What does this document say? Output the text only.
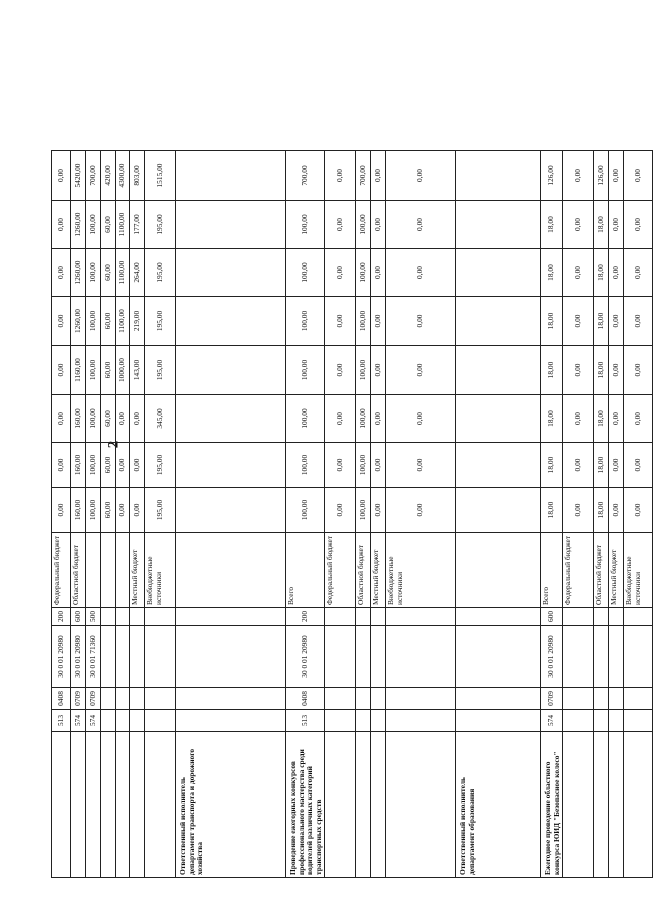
2
	513	0408	30 0 01 20980	200	Федеральный бюджет	0,00	0,00	0,00	0,00	0,00	0,00	0,00	0,00
	574	0709	30 0 01 20980	600	Областной бюджет	160,00	160,00	160,00	1160,00	1260,00	1260,00	1260,00	5420,00
	574	0709	30 0 01 71360	500		100,00	100,00	100,00	100,00	100,00	100,00	100,00	700,00
						60,00	60,00	60,00	60,00	60,00	60,00	60,00	420,00
						0,00	0,00	0,00	1000,00	1100,00	1100,00	1100,00	4300,00
					Местный бюджет	0,00	0,00	0,00	143,00	219,00	264,00	177,00	803,00
					Внебюджетные источники	195,00	195,00	345,00	195,00	195,00	195,00	195,00	1515,00
Ответственный исполнитель департамент транспорта и дорожного хозяйства													
Проведение ежегодных конкурсов профессионального мастерства среди водителей различных категорий транспортных средств	513	0408	30 0 01 20980	200	Всего	100,00	100,00	100,00	100,00	100,00	100,00	100,00	700,00
					Федеральный бюджет	0,00	0,00	0,00	0,00	0,00	0,00	0,00	0,00
					Областной бюджет	100,00	100,00	100,00	100,00	100,00	100,00	100,00	700,00
					Местный бюджет	0,00	0,00	0,00	0,00	0,00	0,00	0,00	0,00
					Внебюджетные источники	0,00	0,00	0,00	0,00	0,00	0,00	0,00	0,00
Ответственный исполнитель департамент образования													
Ежегодное проведение областного конкурса ЮИД "Безопасное колесо"	574	0709	30 0 01 20980	600	Всего	18,00	18,00	18,00	18,00	18,00	18,00	18,00	126,00
					Федеральный бюджет	0,00	0,00	0,00	0,00	0,00	0,00	0,00	0,00
					Областной бюджет	18,00	18,00	18,00	18,00	18,00	18,00	18,00	126,00
					Местный бюджет	0,00	0,00	0,00	0,00	0,00	0,00	0,00	0,00
					Внебюджетные источники	0,00	0,00	0,00	0,00	0,00	0,00	0,00	0,00
